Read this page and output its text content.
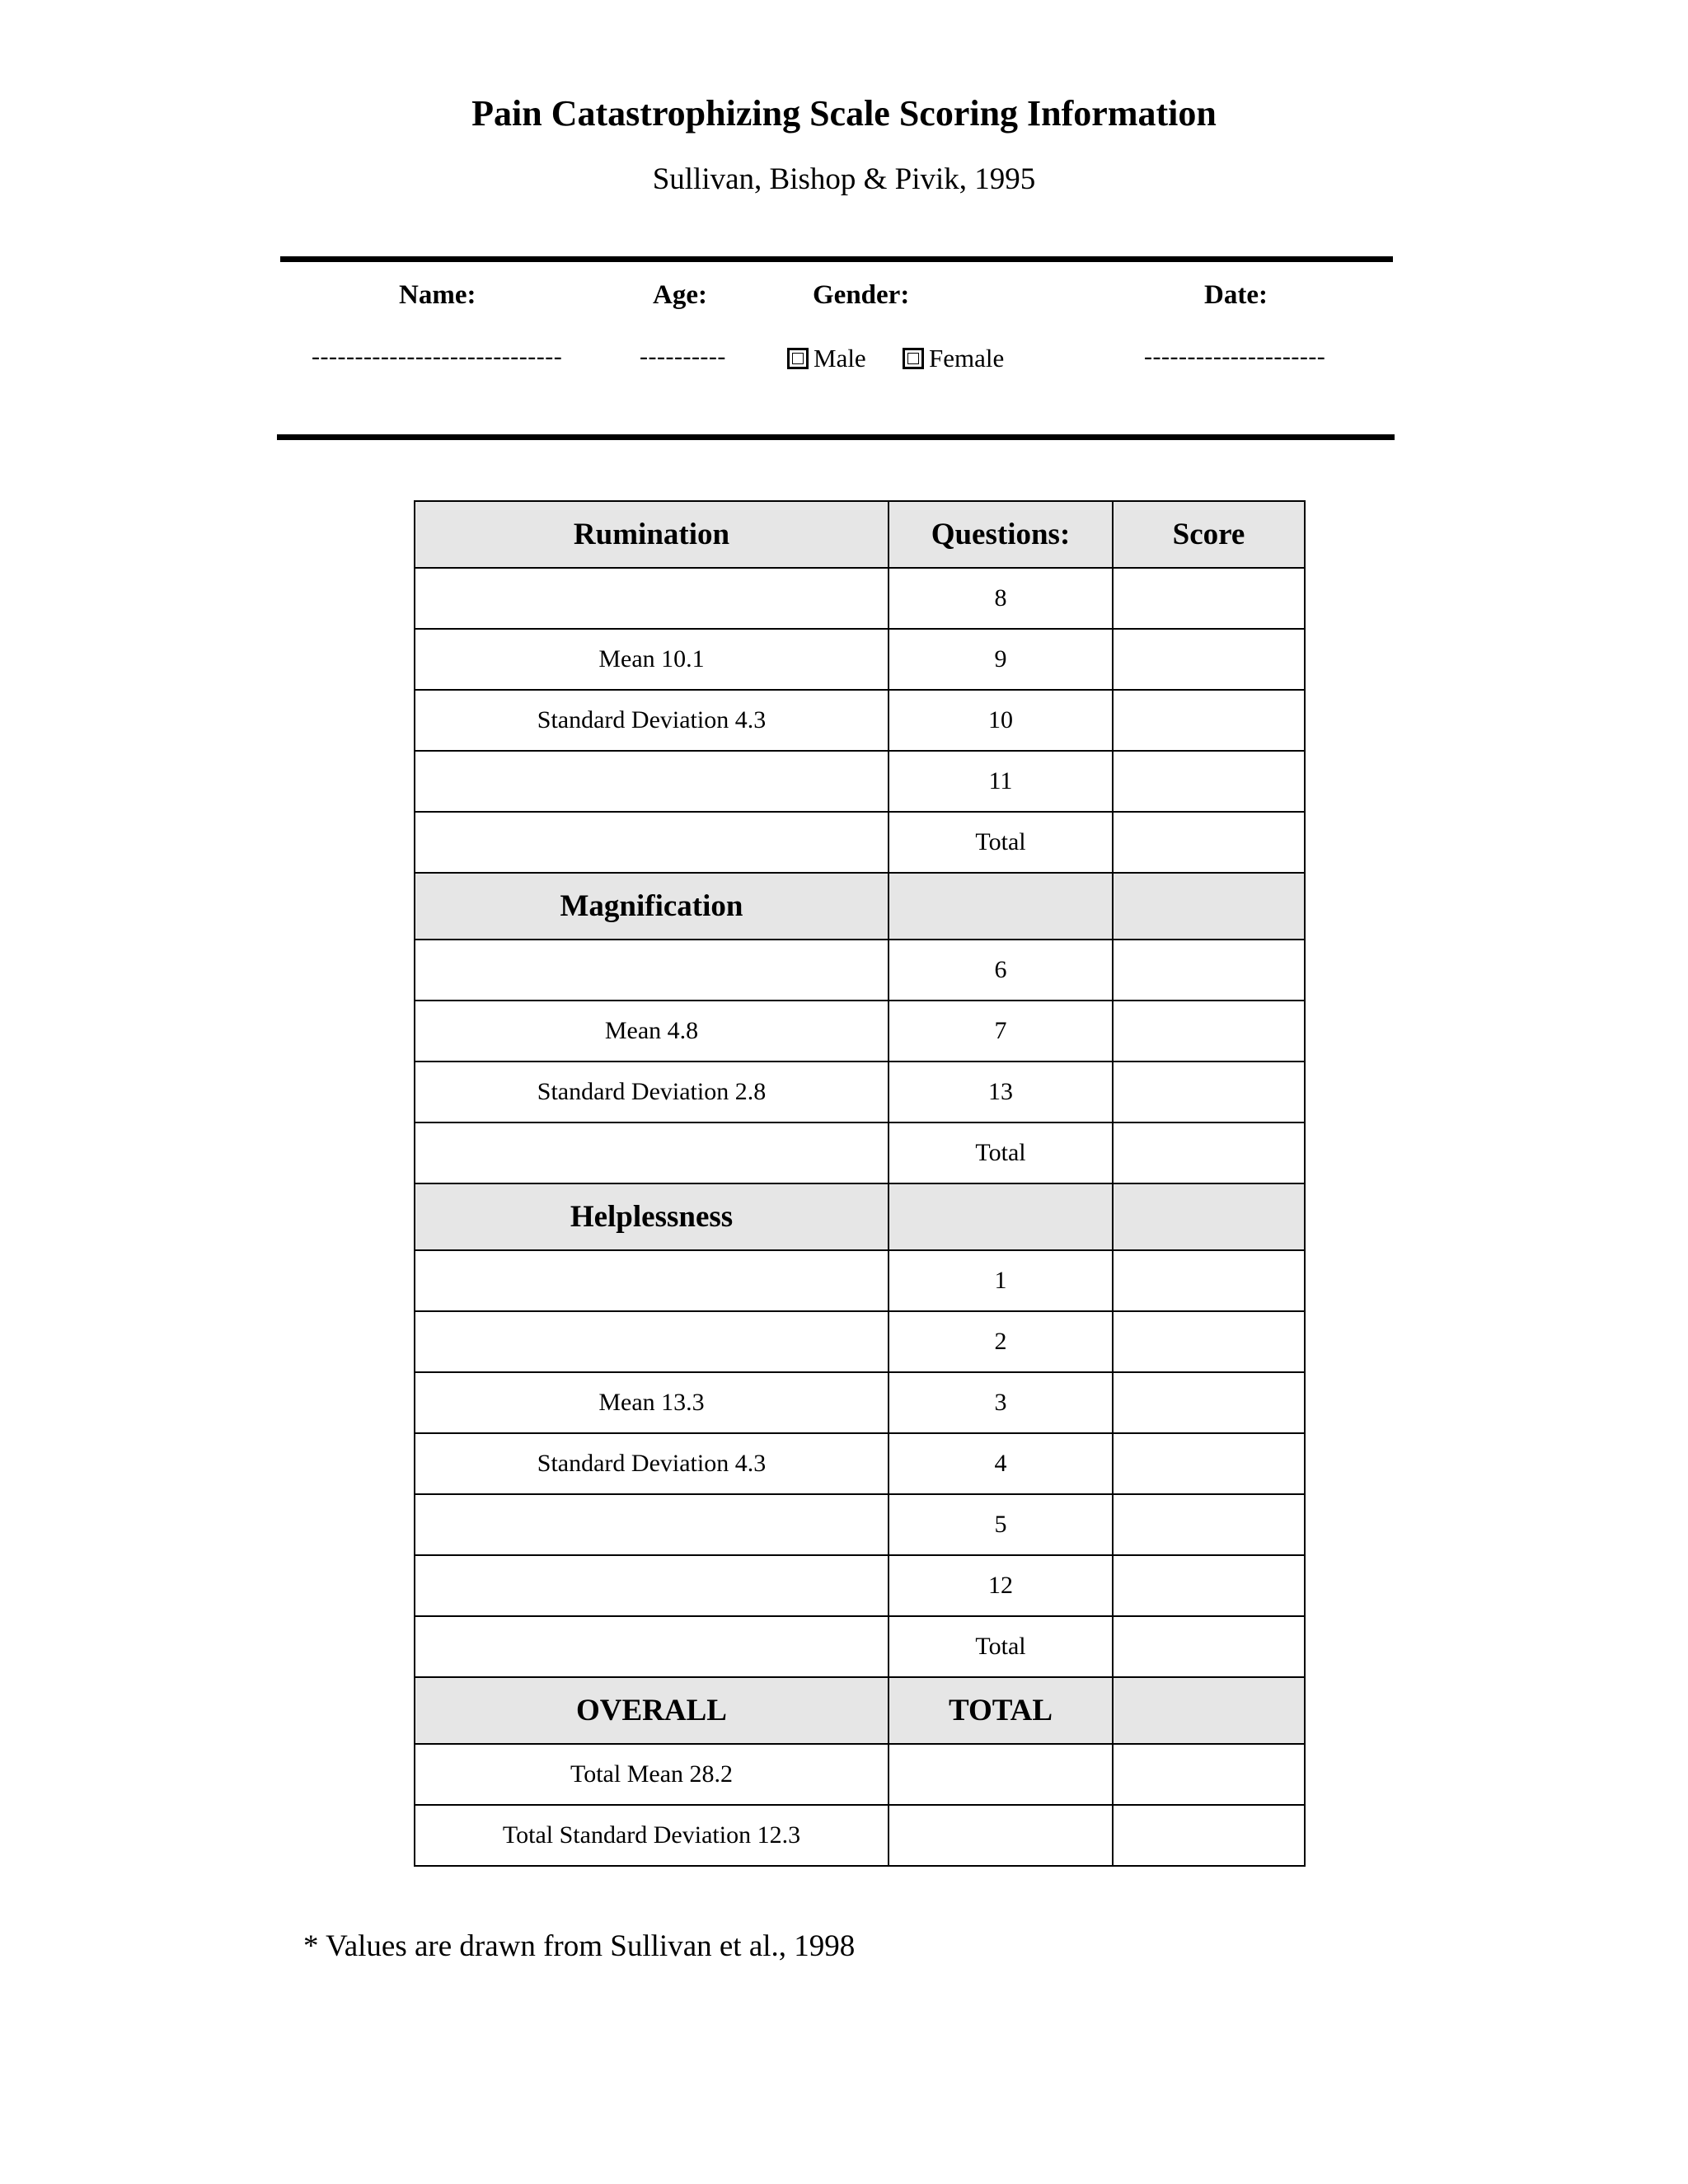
Pain Catastrophizing Scale Scoring Information
Sullivan, Bishop & Pivik, 1995
Name:	Age:	Gender:	Date:
-----------------------------	----------	Male Female	---------------------
Rumination	Questions:	Score
	8	
Mean 10.1	9	
Standard Deviation 4.3	10	
	11	
	Total	
Magnification		
	6	
Mean 4.8	7	
Standard Deviation 2.8	13	
	Total	
Helplessness		
	1	
	2	
Mean 13.3	3	
Standard Deviation 4.3	4	
	5	
	12	
	Total	
OVERALL	TOTAL	
Total Mean 28.2		
Total Standard Deviation 12.3		
* Values are drawn from Sullivan et al., 1998
